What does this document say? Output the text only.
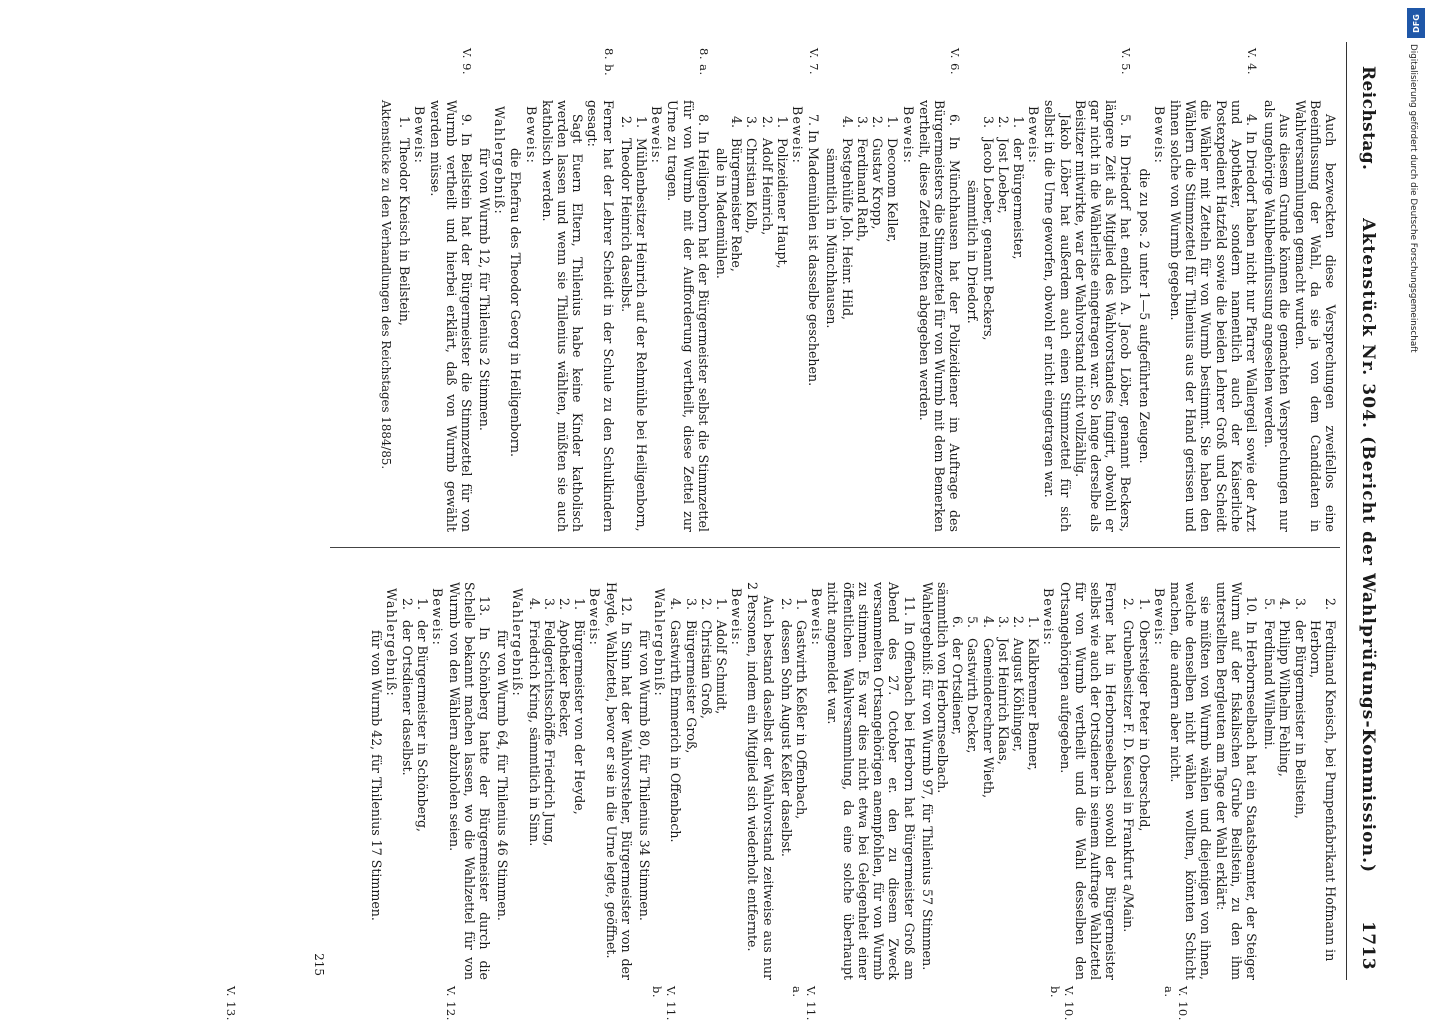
Reichstag.
Aktenstück Nr. 304. (Bericht der Wahlprüfungs-Kommission.)
1713

Auch bezweckten diese Versprechungen zweifellos eine Beeinflussung der Wahl, da sie ja von dem Candidaten in Wahlversammlungen gemacht wurden.

Aus diesem Grunde können die gemachten Versprechungen nur als ungehörige Wahlbeeinflussung angesehen werden.

V. 4.

4. In Driedorf haben nicht nur Pfarrer Wallergeil sowie der Arzt und Apotheker, sondern namentlich auch der Kaiserliche Postexpedient Hatzfeld sowie die beiden Lehrer Groß und Scheidt die Wähler mit Zetteln für von Wurmb bestimmt. Sie haben den Wählern die Stimmzettel für Thilenius aus der Hand gerissen und ihnen solche von Wurmb gegeben.

Beweis:
die zu pos. 2 unter 1—5 aufgeführten Zeugen.
V. 5.

5. In Driedorf hat endlich A. Jacob Löber, genannt Beckers, längere Zeit als Mitglied des Wahlvorstandes fungirt, obwohl er gar nicht in die Wählerliste eingetragen war. So lange derselbe als Beisitzer mitwirkte, war der Wahlvorstand nicht vollzählig.

Jakob Löber hat außerdem auch einen Stimmzettel für sich selbst in die Urne geworfen, obwohl er nicht eingetragen war.

Beweis:
1.
der Bürgermeister,
2.
Jost Loeber,
3.
Jacob Loeber, genannt Beckers,
sämmtlich in Driedorf.
V. 6.

6. In Münchhausen hat der Polizeidiener im Auftrage des Bürgermeisters die Stimmzettel für von Wurmb mit dem Bemerken vertheilt, diese Zettel müßten abgegeben werden.

Beweis:
1.
Deconom Keller,
2.
Gustav Kropp,
3.
Ferdinand Rath,
4.
Postgehülfe Joh. Heinr. Hild,
sämmtlich in Münchhausen.
V. 7.

7. In Mademühlen ist dasselbe geschehen.

Beweis:
1.
Polizeidiener Haupt,
2.
Adolf Heinrich,
3.
Christian Kolb,
4.
Bürgermeister Rehe,
alle in Mademühlen.
8. a.

8. In Heiligenborn hat der Bürgermeister selbst die Stimmzettel für von Wurmb mit der Aufforderung vertheilt, diese Zettel zur Urne zu tragen.

Beweis:
1.
Mühlenbesitzer Heinrich auf der Rehmühle bei Heiligenborn,
2.
Theodor Heinrich daselbst.
8. b.

Ferner hat der Lehrer Scheidt in der Schule zu den Schulkindern gesagt:

Sagt Euern Eltern, Thilenius habe keine Kinder katholisch werden lassen und wenn sie Thilenius wählten, müßten sie auch katholisch werden.

Beweis:
die Ehefrau des Theodor Georg in Heiligenborn.
Wahlergebniß:
für von Wurmb 12, für Thilenius 2 Stimmen.
V. 9.

9. In Beilstein hat der Bürgermeister die Stimmzettel für von Wurmb vertheilt und hierbei erklärt, daß von Wurmb gewählt werden müsse.

Beweis:
1.
Theodor Kneisch in Beilstein,
Aktenstücke zu den Verhandlungen des Reichstages 1884/85.
2.
Ferdinand Kneisch, bei Pumpenfabrikant Hofmann in Herborn,
3.
der Bürgermeister in Beilstein,
4.
Philipp Wilhelm Fehling,
5.
Ferdinand Wilhelmi.

10. In Herbornseelbach hat ein Staatsbeamter, der Steiger Wurm auf der fiskalischen Grube Beilstein, zu den ihm unterstellten Bergleuten am Tage der Wahl erklärt:

sie müßten von Wurmb wählen und diejenigen von ihnen, welche denselben nicht wählen wollten, könnten Schicht machen, die andern aber nicht.

Beweis:
1.
Obersteiger Peter in Oberscheld,
2.
Grubenbesitzer F. D. Keusel in Frankfurt a/Main.

Ferner hat in Herbornseelbach sowohl der Bürgermeister selbst wie auch der Ortsdiener in seinem Auftrage Wahlzettel für von Wurmb vertheilt und die Wahl desselben den Ortsangehörigen aufgegeben.

Beweis:
1.
Kalkbrenner Benner,
2.
August Köhlinger,
3.
Jost Heinrich Klaas,
4.
Gemeinderechner Wieth,
5.
Gastwirth Decker,
6.
der Ortsdiener,
sämmtlich von Herbornseelbach.
Wahlergebniß: für von Wurmb 97, für Thilenius 57 Stimmen.

11. In Offenbach bei Herborn hat Bürgermeister Groß am Abend des 27. October er. den zu diesem Zweck versammelten Ortsangehörigen anempfohlen, für von Wurmb zu stimmen. Es war dies nicht etwa bei Gelegenheit einer öffentlichen Wahlversammlung, da eine solche überhaupt nicht angemeldet war.

Beweis:
1.
Gastwirth Keßler in Offenbach,
2.
dessen Sohn August Keßler daselbst.

Auch bestand daselbst der Wahlvorstand zeitweise aus nur 2 Personen, indem ein Mitglied sich wiederholt entfernte.

Beweis:
1.
Adolf Schmidt,
2.
Christian Groß,
3.
Bürgermeister Groß,
4.
Gastwirth Emmerich in Offenbach.
Wahlergebniß:
für von Wurmb 80, für Thilenius 34 Stimmen.

12. In Sinn hat der Wahlvorsteher, Bürgermeister von der Heyde, Wahlzettel, bevor er sie in die Urne legte, geöffnet.

Beweis:
1.
Bürgermeister von der Heyde,
2.
Apotheker Becker,
3.
Feldgerichtsschöffe Friedrich Jung,
4.
Friedrich Kring, sämmtlich in Sinn.
Wahlergebniß:
für von Wurmb 64, für Thilenius 46 Stimmen.

13. In Schönberg hatte der Bürgermeister durch die Schelle bekannt machen lassen, wo die Wahlzettel für von Wurmb von den Wählern abzuholen seien.

Beweis:
1.
der Bürgermeister in Schönberg,
2.
der Ortsdiener daselbst.
Wahlergebniß:
für von Wurmb 42, für Thilenius 17 Stimmen.
V. 10. a.
V. 10. b.
V. 11. a.
V. 11. b.
V. 12.
V. 13.
215
DFG
Digitalisierung gefördert durch die Deutsche Forschungsgemeinschaft
